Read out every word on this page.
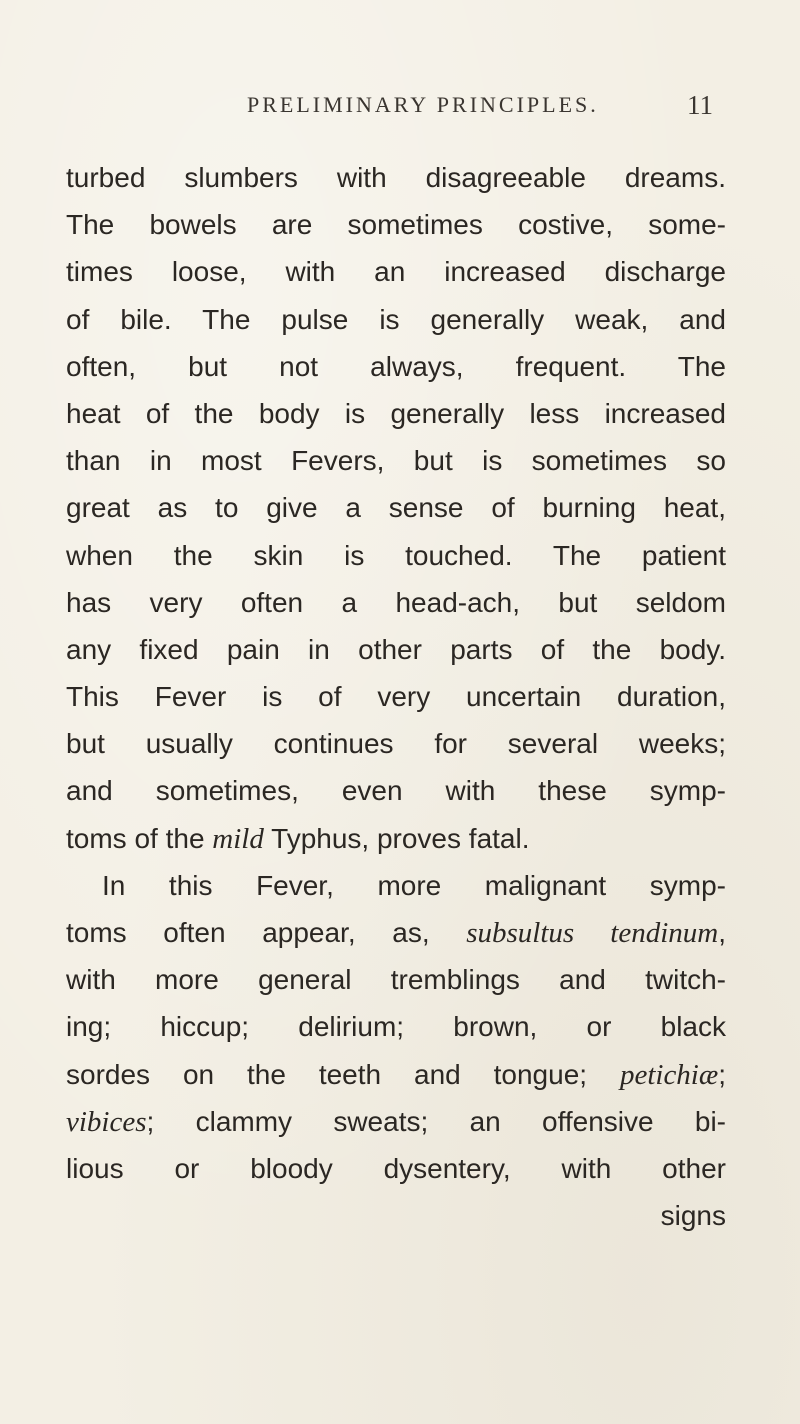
PRELIMINARY PRINCIPLES.	11
turbed slumbers with disagreeable dreams.
The bowels are sometimes costive, some-
times loose, with an increased discharge
of bile. The pulse is generally weak, and
often, but not always, frequent. The
heat of the body is generally less increased
than in most Fevers, but is sometimes so
great as to give a sense of burning heat,
when the skin is touched. The patient
has very often a head-ach, but seldom
any fixed pain in other parts of the body.
This Fever is of very uncertain duration,
but usually continues for several weeks;
and sometimes, even with these symp-
toms of the mild Typhus, proves fatal.
In this Fever, more malignant symp-
toms often appear, as, subsultus tendinum,
with more general tremblings and twitch-
ing; hiccup; delirium; brown, or black
sordes on the teeth and tongue; petichiæ;
vibices; clammy sweats; an offensive bi-
lious or bloody dysentery, with other
signs
